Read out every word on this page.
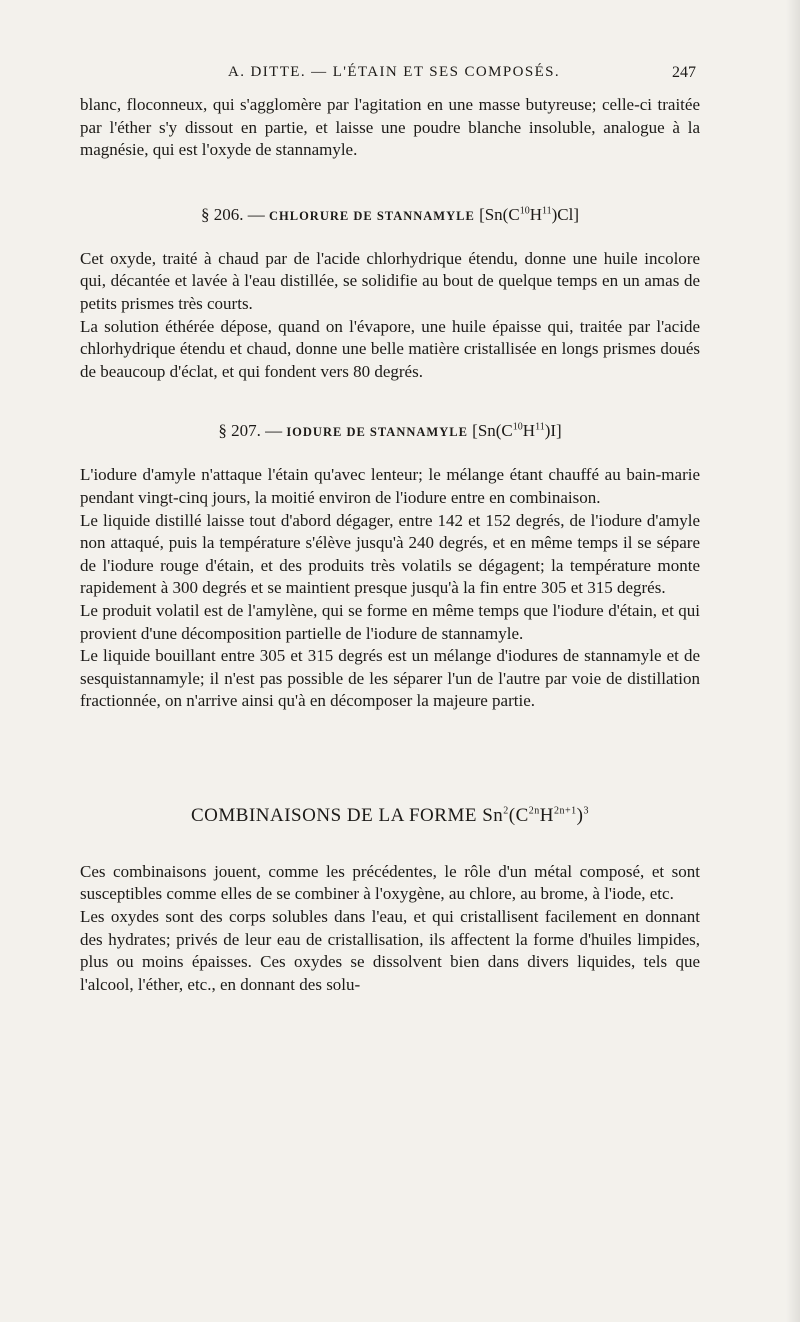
A. DITTE. — L'ÉTAIN ET SES COMPOSÉS.	247

blanc, floconneux, qui s'agglomère par l'agitation en une masse butyreuse; celle-ci traitée par l'éther s'y dissout en partie, et laisse une poudre blanche insoluble, analogue à la magnésie, qui est l'oxyde de stannamyle.

§ 206. — CHLORURE DE STANNAMYLE $[Sn(C^{10}H^{11})Cl]$

Cet oxyde, traité à chaud par de l'acide chlorhydrique étendu, donne une huile incolore qui, décantée et lavée à l'eau distillée, se solidifie au bout de quelque temps en un amas de petits prismes très courts.

La solution éthérée dépose, quand on l'évapore, une huile épaisse qui, traitée par l'acide chlorhydrique étendu et chaud, donne une belle matière cristallisée en longs prismes doués de beaucoup d'éclat, et qui fondent vers 80 degrés.

§ 207. — IODURE DE STANNAMYLE $[Sn(C^{10}H^{11})I]$

L'iodure d'amyle n'attaque l'étain qu'avec lenteur; le mélange étant chauffé au bain-marie pendant vingt-cinq jours, la moitié environ de l'iodure entre en combinaison.

Le liquide distillé laisse tout d'abord dégager, entre 142 et 152 degrés, de l'iodure d'amyle non attaqué, puis la température s'élève jusqu'à 240 degrés, et en même temps il se sépare de l'iodure rouge d'étain, et des produits très volatils se dégagent; la température monte rapidement à 300 degrés et se maintient presque jusqu'à la fin entre 305 et 315 degrés.

Le produit volatil est de l'amylène, qui se forme en même temps que l'iodure d'étain, et qui provient d'une décomposition partielle de l'iodure de stannamyle.

Le liquide bouillant entre 305 et 315 degrés est un mélange d'iodures de stannamyle et de sesquistannamyle; il n'est pas possible de les séparer l'un de l'autre par voie de distillation fractionnée, on n'arrive ainsi qu'à en décomposer la majeure partie.

COMBINAISONS DE LA FORME $Sn^2(C^{2n}H^{2n+1})^3$

Ces combinaisons jouent, comme les précédentes, le rôle d'un métal composé, et sont susceptibles comme elles de se combiner à l'oxygène, au chlore, au brome, à l'iode, etc.

Les oxydes sont des corps solubles dans l'eau, et qui cristallisent facilement en donnant des hydrates; privés de leur eau de cristallisation, ils affectent la forme d'huiles limpides, plus ou moins épaisses. Ces oxydes se dissolvent bien dans divers liquides, tels que l'alcool, l'éther, etc., en donnant des solu-
